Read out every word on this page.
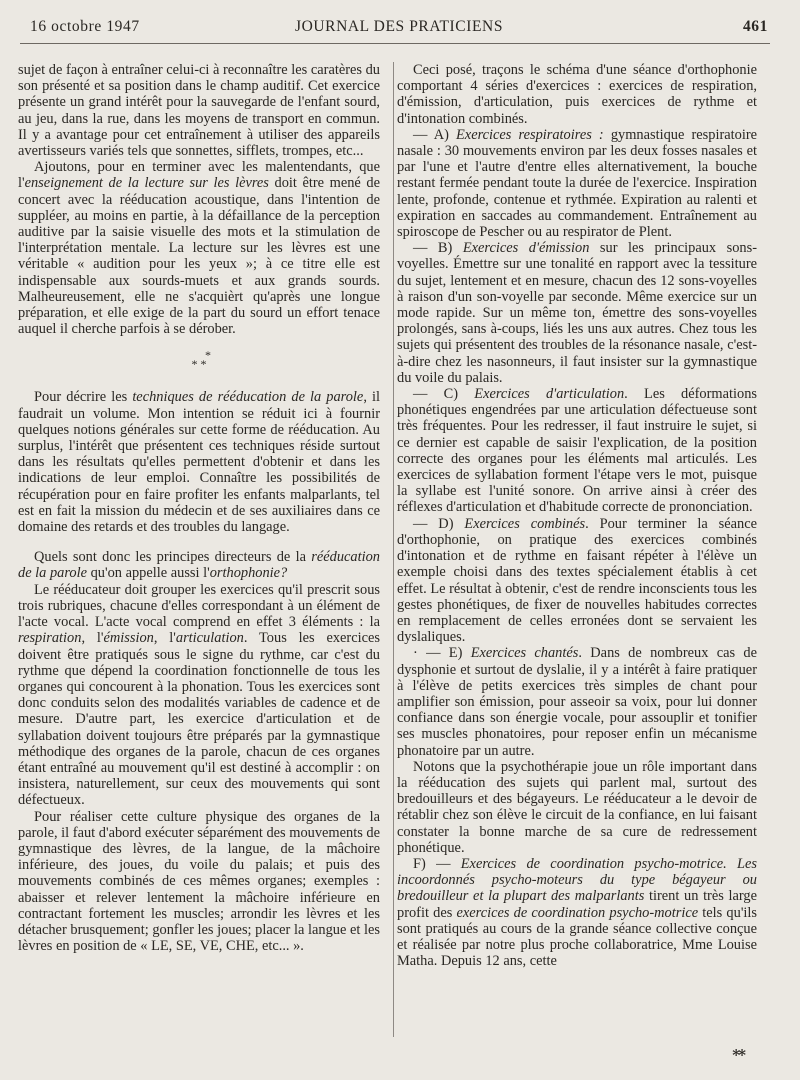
16 octobre 1947	JOURNAL DES PRATICIENS	461

sujet de façon à entraîner celui-ci à reconnaître les caratères du son présenté et sa position dans le champ auditif. Cet exercice présente un grand intérêt pour la sauvegarde de l'enfant sourd, au jeu, dans la rue, dans les moyens de transport en commun. Il y a avantage pour cet entraînement à utiliser des appareils avertisseurs variés tels que sonnettes, sifflets, trompes, etc...

Ajoutons, pour en terminer avec les malentendants, que l'enseignement de la lecture sur les lèvres doit être mené de concert avec la rééducation acoustique, dans l'intention de suppléer, au moins en partie, à la défaillance de la perception auditive par la saisie visuelle des mots et la stimulation de l'interprétation mentale. La lecture sur les lèvres est une véritable « audition pour les yeux »; à ce titre elle est indispensable aux sourds-muets et aux grands sourds. Malheureusement, elle ne s'acquièrt qu'après une longue préparation, et elle exige de la part du sourd un effort tenace auquel il cherche parfois à se dérober.

*
* *

Pour décrire les techniques de rééducation de la parole, il faudrait un volume. Mon intention se réduit ici à fournir quelques notions générales sur cette forme de rééducation. Au surplus, l'intérêt que présentent ces techniques réside surtout dans les résultats qu'elles permettent d'obtenir et dans les indications de leur emploi. Connaître les possibilités de récupération pour en faire profiter les enfants malparlants, tel est en fait la mission du médecin et de ses auxiliaires dans ce domaine des retards et des troubles du langage.

Quels sont donc les principes directeurs de la rééducation de la parole qu'on appelle aussi l'orthophonie?

Le rééducateur doit grouper les exercices qu'il prescrit sous trois rubriques, chacune d'elles correspondant à un élément de l'acte vocal. L'acte vocal comprend en effet 3 éléments : la respiration, l'émission, l'articulation. Tous les exercices doivent être pratiqués sous le signe du rythme, car c'est du rythme que dépend la coordination fonctionnelle de tous les organes qui concourent à la phonation. Tous les exercices sont donc conduits selon des modalités variables de cadence et de mesure. D'autre part, les exercice d'articulation et de syllabation doivent toujours être préparés par la gymnastique méthodique des organes de la parole, chacun de ces organes étant entraîné au mouvement qu'il est destiné à accomplir : on insistera, naturellement, sur ceux des mouvements qui sont défectueux.

Pour réaliser cette culture physique des organes de la parole, il faut d'abord exécuter séparément des mouvements de gymnastique des lèvres, de la langue, de la mâchoire inférieure, des joues, du voile du palais; et puis des mouvements combinés de ces mêmes organes; exemples : abaisser et relever lentement la mâchoire inférieure en contractant fortement les muscles; arrondir les lèvres et les détacher brusquement; gonfler les joues; placer la langue et les lèvres en position de « LE, SE, VE, CHE, etc... ».

Ceci posé, traçons le schéma d'une séance d'orthophonie comportant 4 séries d'exercices : exercices de respiration, d'émission, d'articulation, puis exercices de rythme et d'intonation combinés.

— A) Exercices respiratoires : gymnastique respiratoire nasale : 30 mouvements environ par les deux fosses nasales et par l'une et l'autre d'entre elles alternativement, la bouche restant fermée pendant toute la durée de l'exercice. Inspiration lente, profonde, contenue et rythmée. Expiration au ralenti et expiration en saccades au commandement. Entraînement au spiroscope de Pescher ou au respirator de Plent.

— B) Exercices d'émission sur les principaux sons-voyelles. Émettre sur une tonalité en rapport avec la tessiture du sujet, lentement et en mesure, chacun des 12 sons-voyelles à raison d'un son-voyelle par seconde. Même exercice sur un mode rapide. Sur un même ton, émettre des sons-voyelles prolongés, sans à-coups, liés les uns aux autres. Chez tous les sujets qui présentent des troubles de la résonance nasale, c'est-à-dire chez les nasonneurs, il faut insister sur la gymnastique du voile du palais.

— C) Exercices d'articulation. Les déformations phonétiques engendrées par une articulation défectueuse sont très fréquentes. Pour les redresser, il faut instruire le sujet, si ce dernier est capable de saisir l'explication, de la position correcte des organes pour les éléments mal articulés. Les exercices de syllabation forment l'étape vers le mot, puisque la syllabe est l'unité sonore. On arrive ainsi à créer des réflexes d'articulation et d'habitude correcte de prononciation.

— D) Exercices combinés. Pour terminer la séance d'orthophonie, on pratique des exercices combinés d'intonation et de rythme en faisant répéter à l'élève un exemple choisi dans des textes spécialement établis à cet effet. Le résultat à obtenir, c'est de rendre inconscients tous les gestes phonétiques, de fixer de nouvelles habitudes correctes en remplacement de celles erronées dont se servaient les dyslaliques.

· — E) Exercices chantés. Dans de nombreux cas de dysphonie et surtout de dyslalie, il y a intérêt à faire pratiquer à l'élève de petits exercices très simples de chant pour amplifier son émission, pour asseoir sa voix, pour lui donner confiance dans son énergie vocale, pour assouplir et tonifier ses muscles phonatoires, pour reposer enfin un mécanisme phonatoire par un autre.

Notons que la psychothérapie joue un rôle important dans la rééducation des sujets qui parlent mal, surtout des bredouilleurs et des bégayeurs. Le rééducateur a le devoir de rétablir chez son élève le circuit de la confiance, en lui faisant constater la bonne marche de sa cure de redressement phonétique.

F) — Exercices de coordination psycho-motrice. Les incoordonnés psycho-moteurs du type bégayeur ou bredouilleur et la plupart des malparlants tirent un très large profit des exercices de coordination psycho-motrice tels qu'ils sont pratiqués au cours de la grande séance collective conçue et réalisée par notre plus proche collaboratrice, Mme Louise Matha. Depuis 12 ans, cette

**
